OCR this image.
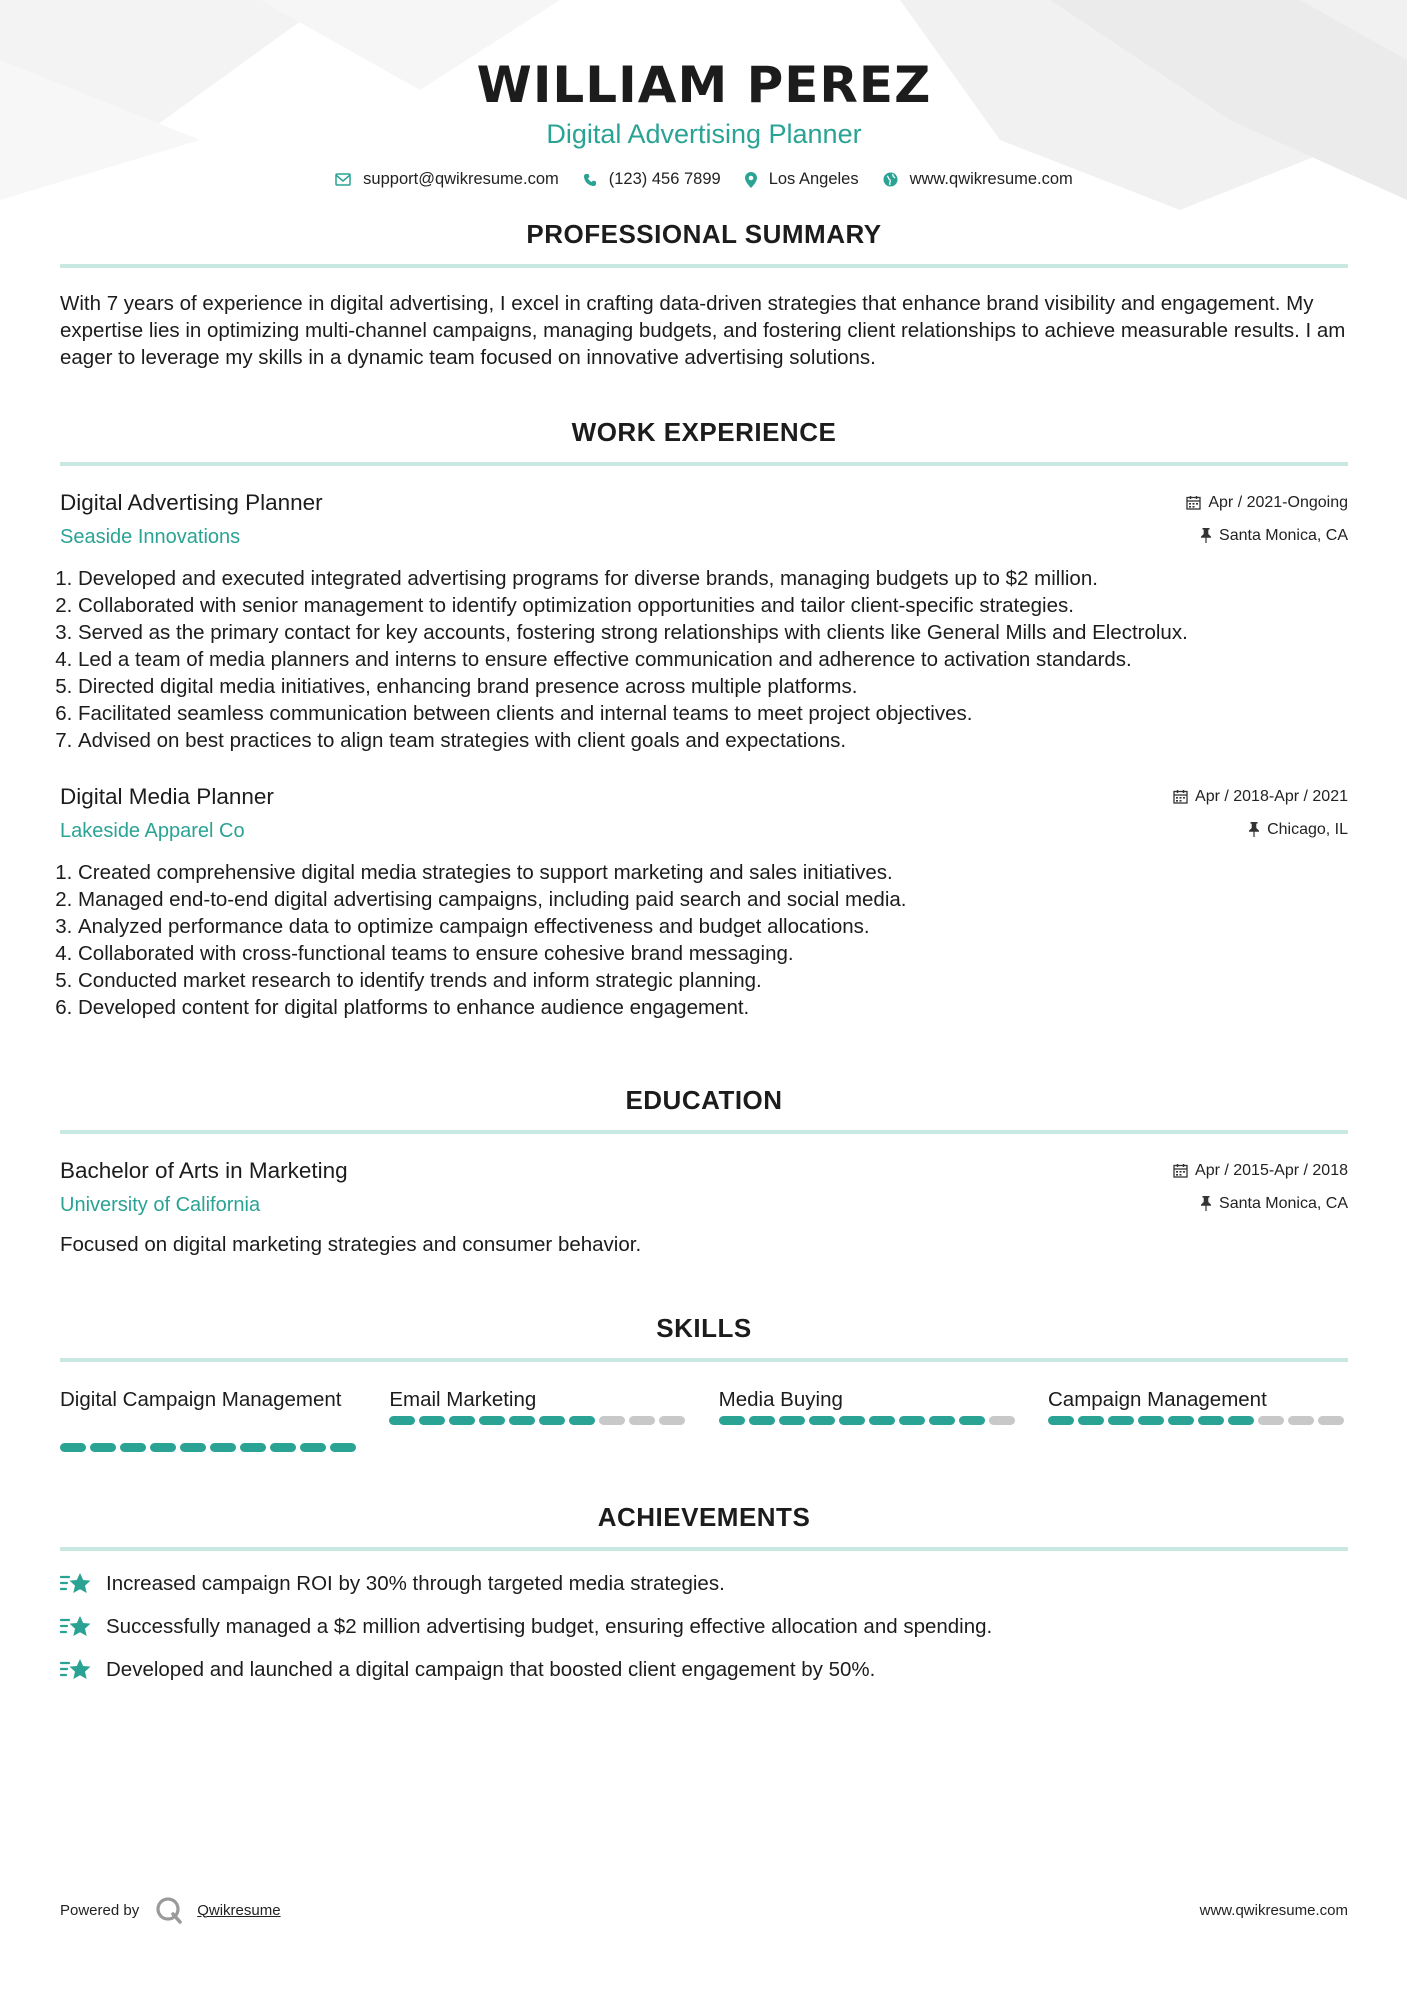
WILLIAM PEREZ
Digital Advertising Planner
support@qwikresume.com	(123) 456 7899	Los Angeles	www.qwikresume.com
PROFESSIONAL SUMMARY
With 7 years of experience in digital advertising, I excel in crafting data-driven strategies that enhance brand visibility and engagement. My expertise lies in optimizing multi-channel campaigns, managing budgets, and fostering client relationships to achieve measurable results. I am eager to leverage my skills in a dynamic team focused on innovative advertising solutions.
WORK EXPERIENCE
Digital Advertising Planner	Apr / 2021-Ongoing
Seaside Innovations	Santa Monica, CA
1. Developed and executed integrated advertising programs for diverse brands, managing budgets up to $2 million.
2. Collaborated with senior management to identify optimization opportunities and tailor client-specific strategies.
3. Served as the primary contact for key accounts, fostering strong relationships with clients like General Mills and Electrolux.
4. Led a team of media planners and interns to ensure effective communication and adherence to activation standards.
5. Directed digital media initiatives, enhancing brand presence across multiple platforms.
6. Facilitated seamless communication between clients and internal teams to meet project objectives.
7. Advised on best practices to align team strategies with client goals and expectations.
Digital Media Planner	Apr / 2018-Apr / 2021
Lakeside Apparel Co	Chicago, IL
1. Created comprehensive digital media strategies to support marketing and sales initiatives.
2. Managed end-to-end digital advertising campaigns, including paid search and social media.
3. Analyzed performance data to optimize campaign effectiveness and budget allocations.
4. Collaborated with cross-functional teams to ensure cohesive brand messaging.
5. Conducted market research to identify trends and inform strategic planning.
6. Developed content for digital platforms to enhance audience engagement.
EDUCATION
Bachelor of Arts in Marketing	Apr / 2015-Apr / 2018
University of California	Santa Monica, CA
Focused on digital marketing strategies and consumer behavior.
SKILLS
Digital Campaign Management	Email Marketing	Media Buying	Campaign Management
ACHIEVEMENTS
Increased campaign ROI by 30% through targeted media strategies.
Successfully managed a $2 million advertising budget, ensuring effective allocation and spending.
Developed and launched a digital campaign that boosted client engagement by 50%.
Powered by	Qwikresume	www.qwikresume.com
